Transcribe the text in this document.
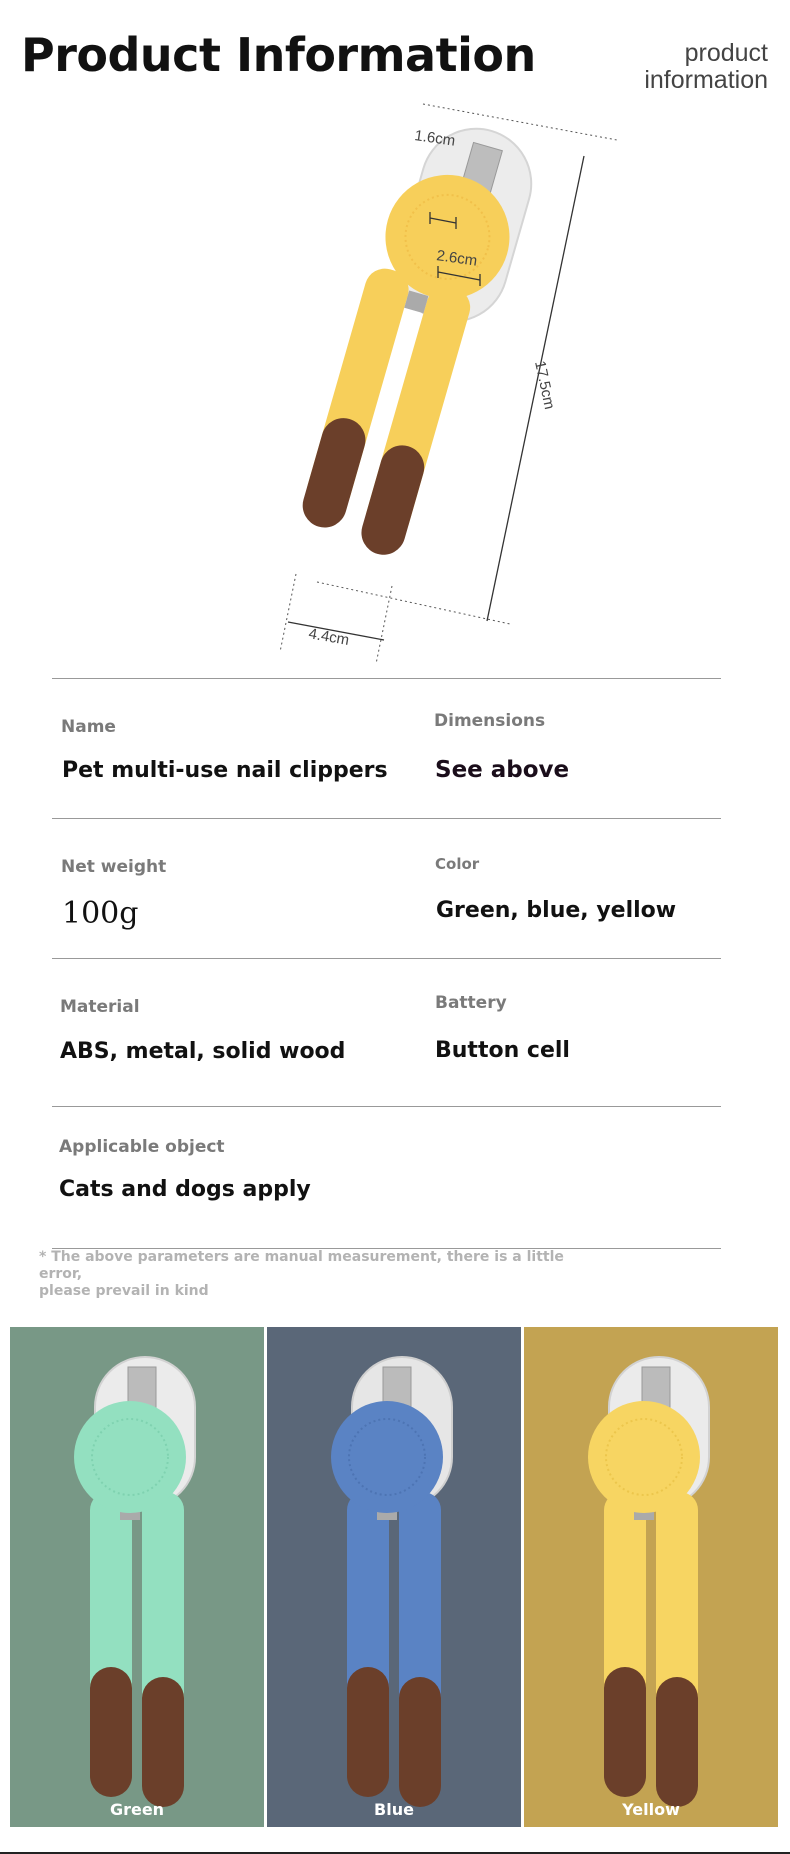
Product Information	product
information
1.6cm
2.6cm
17.5cm
4.4cm
Name
Pet multi-use nail clippers
Dimensions
See above
Net weight
100g
Color
Green, blue, yellow
Material
ABS, metal, solid wood
Battery
Button cell
Applicable object
Cats and dogs apply
* The above parameters are manual measurement, there is a little error,
please prevail in kind
Green	Blue	Yellow
